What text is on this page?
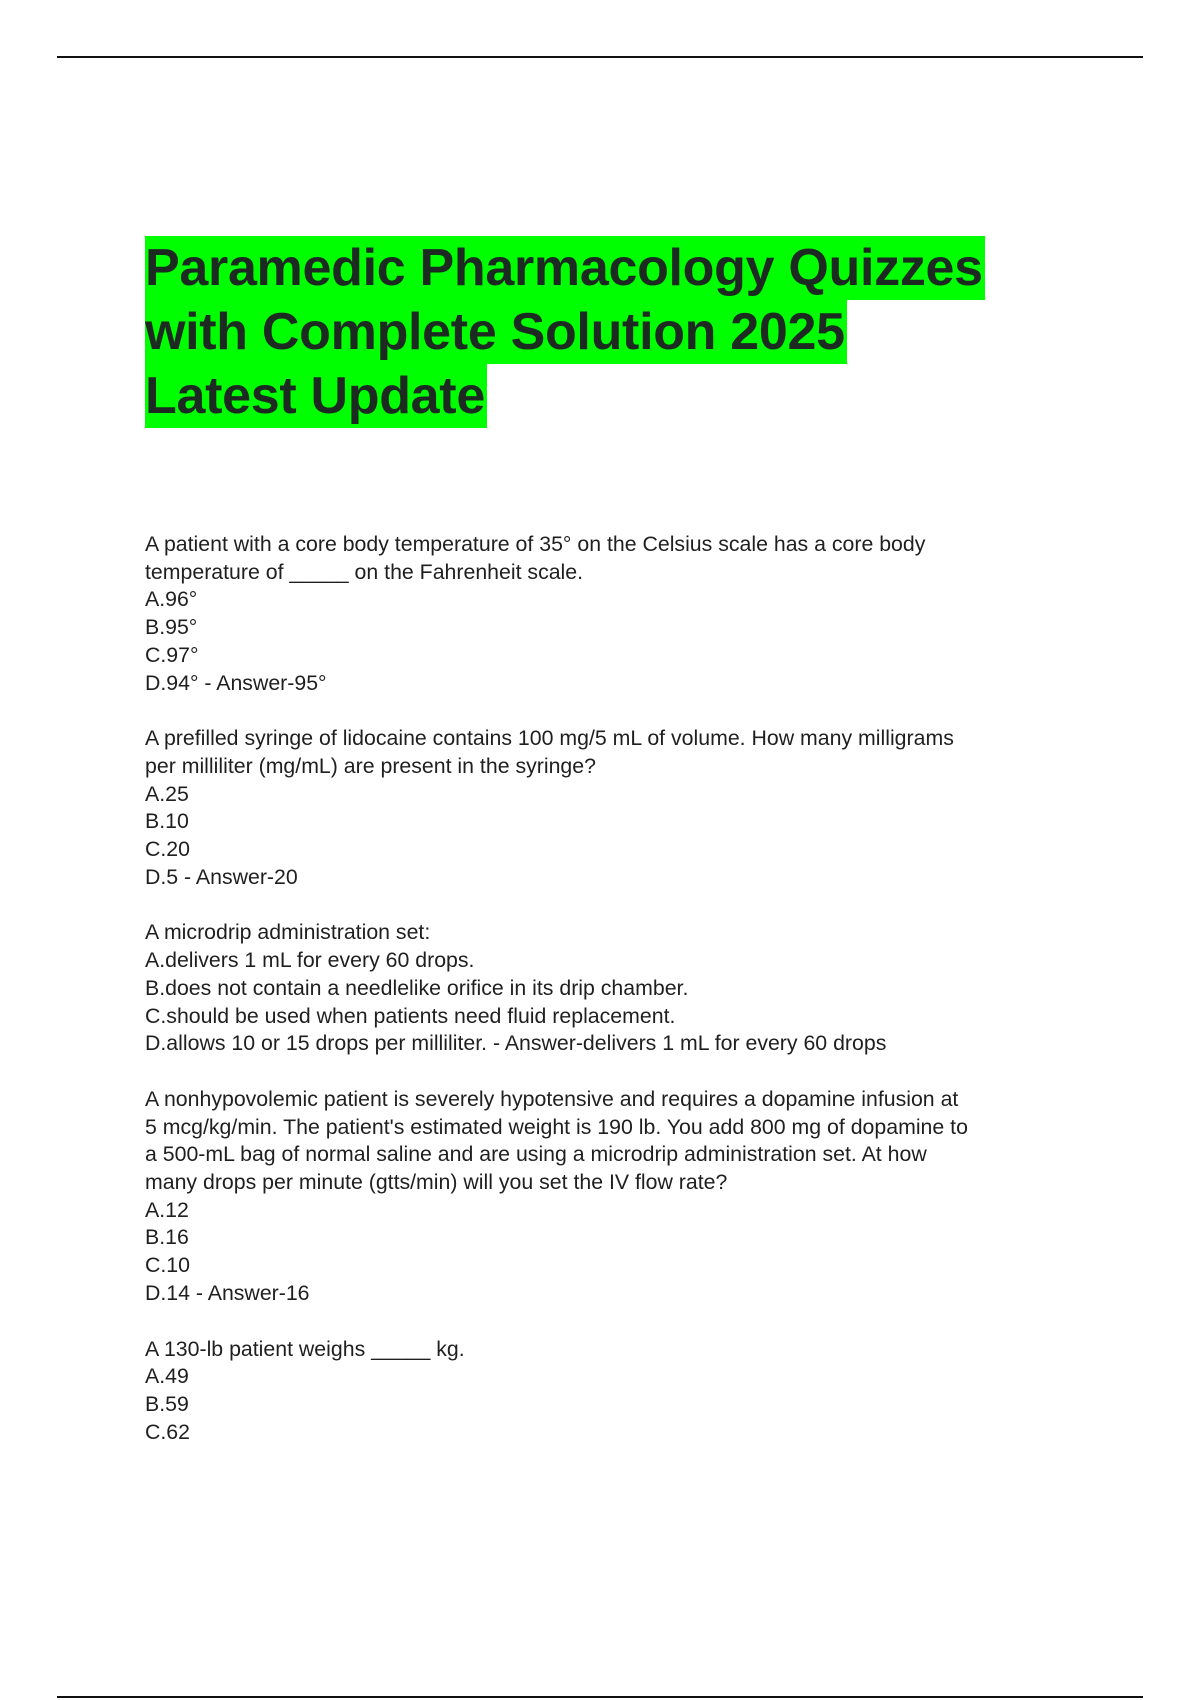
Paramedic Pharmacology Quizzes
with Complete Solution 2025
Latest Update
A patient with a core body temperature of 35° on the Celsius scale has a core body
temperature of _____ on the Fahrenheit scale.
A.96°
B.95°
C.97°
D.94° - Answer-95°
A prefilled syringe of lidocaine contains 100 mg/5 mL of volume. How many milligrams
per milliliter (mg/mL) are present in the syringe?
A.25
B.10
C.20
D.5 - Answer-20
A microdrip administration set:
A.delivers 1 mL for every 60 drops.
B.does not contain a needlelike orifice in its drip chamber.
C.should be used when patients need fluid replacement.
D.allows 10 or 15 drops per milliliter. - Answer-delivers 1 mL for every 60 drops
A nonhypovolemic patient is severely hypotensive and requires a dopamine infusion at
5 mcg/kg/min. The patient's estimated weight is 190 lb. You add 800 mg of dopamine to
a 500-mL bag of normal saline and are using a microdrip administration set. At how
many drops per minute (gtts/min) will you set the IV flow rate?
A.12
B.16
C.10
D.14 - Answer-16
A 130-lb patient weighs _____ kg.
A.49
B.59
C.62
